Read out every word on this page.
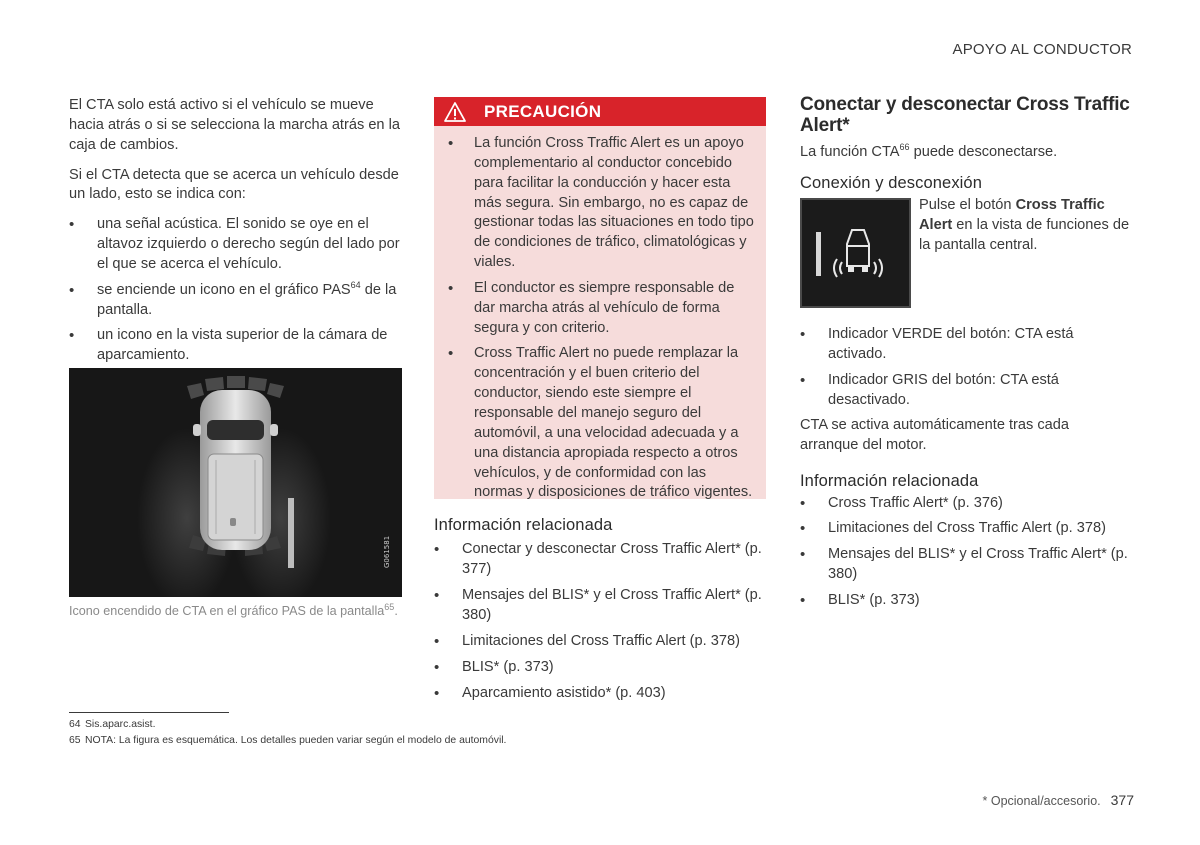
APOYO AL CONDUCTOR

El CTA solo está activo si el vehículo se mueve hacia atrás o si se selecciona la marcha atrás en la caja de cambios.

Si el CTA detecta que se acerca un vehículo desde un lado, esto se indica con:

• una señal acústica. El sonido se oye en el altavoz izquierdo o derecho según del lado por el que se acerca el vehículo.
• se enciende un icono en el gráfico PAS$^{64}$ de la pantalla.
• un icono en la vista superior de la cámara de aparcamiento.
G061581
Icono encendido de CTA en el gráfico PAS de la pantalla$^{65}$.
PRECAUCIÓN
• La función Cross Traffic Alert es un apoyo complementario al conductor concebido para facilitar la conducción y hacer esta más segura. Sin embargo, no es capaz de gestionar todas las situaciones en todo tipo de condiciones de tráfico, climatológicas y viales.
• El conductor es siempre responsable de dar marcha atrás al vehículo de forma segura y con criterio.
• Cross Traffic Alert no puede remplazar la concentración y el buen criterio del conductor, siendo este siempre el responsable del manejo seguro del automóvil, a una velocidad adecuada y a una distancia apropiada respecto a otros vehículos, y de conformidad con las normas y disposiciones de tráfico vigentes.
Información relacionada
• Conectar y desconectar Cross Traffic Alert* (p. 377)
• Mensajes del BLIS* y el Cross Traffic Alert* (p. 380)
• Limitaciones del Cross Traffic Alert (p. 378)
• BLIS* (p. 373)
• Aparcamiento asistido* (p. 403)
Conectar y desconectar Cross Traffic Alert*

La función CTA$^{66}$ puede desconectarse.

Conexión y desconexión
Pulse el botón Cross Traffic Alert en la vista de funciones de la pantalla central.
• Indicador VERDE del botón: CTA está activado.
• Indicador GRIS del botón: CTA está desactivado.

CTA se activa automáticamente tras cada arranque del motor.

Información relacionada
• Cross Traffic Alert* (p. 376)
• Limitaciones del Cross Traffic Alert (p. 378)
• Mensajes del BLIS* y el Cross Traffic Alert* (p. 380)
• BLIS* (p. 373)
64 Sis.aparc.asist.
65 NOTA: La figura es esquemática. Los detalles pueden variar según el modelo de automóvil.
* Opcional/accesorio. 377
